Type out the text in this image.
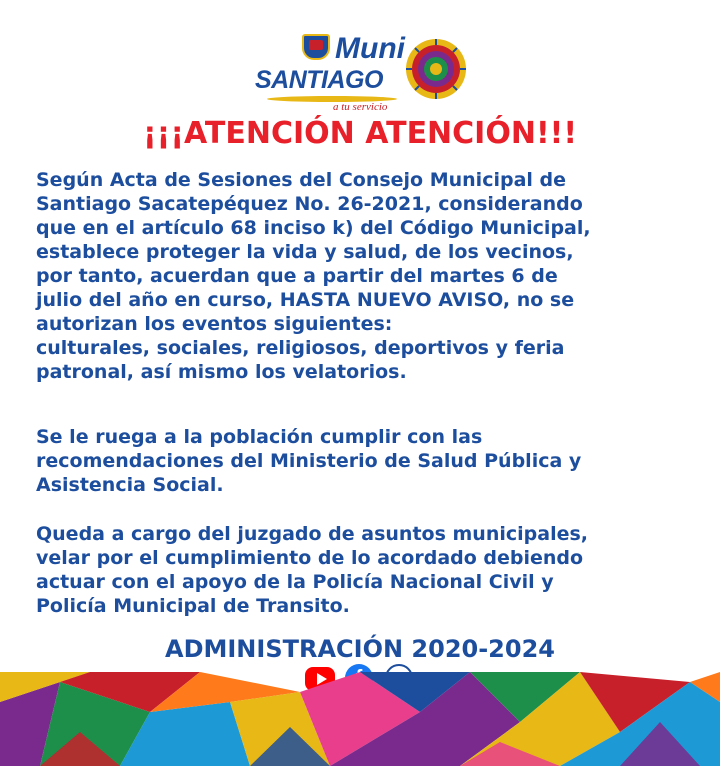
Muni
SANTIAGO
a tu servicio
¡¡¡ATENCIÓN ATENCIÓN!!!

Según Acta de Sesiones del Consejo Municipal de

Santiago Sacatepéquez No. 26-2021, considerando

que en el artículo 68 inciso k) del Código Municipal,

establece proteger la vida y salud, de los vecinos,

por tanto, acuerdan que a partir del martes 6 de

julio del año en curso, HASTA NUEVO AVISO, no se

autorizan los eventos siguientes:

culturales, sociales, religiosos, deportivos y feria

patronal, así mismo los velatorios.

Se le ruega a la población cumplir con las

recomendaciones del Ministerio de Salud Pública y

Asistencia Social.

Queda a cargo del juzgado de asuntos municipales,

velar por el cumplimiento de lo acordado debiendo

actuar con el apoyo de la Policía Nacional Civil y

Policía Municipal de Transito.

ADMINISTRACIÓN 2020-2024
